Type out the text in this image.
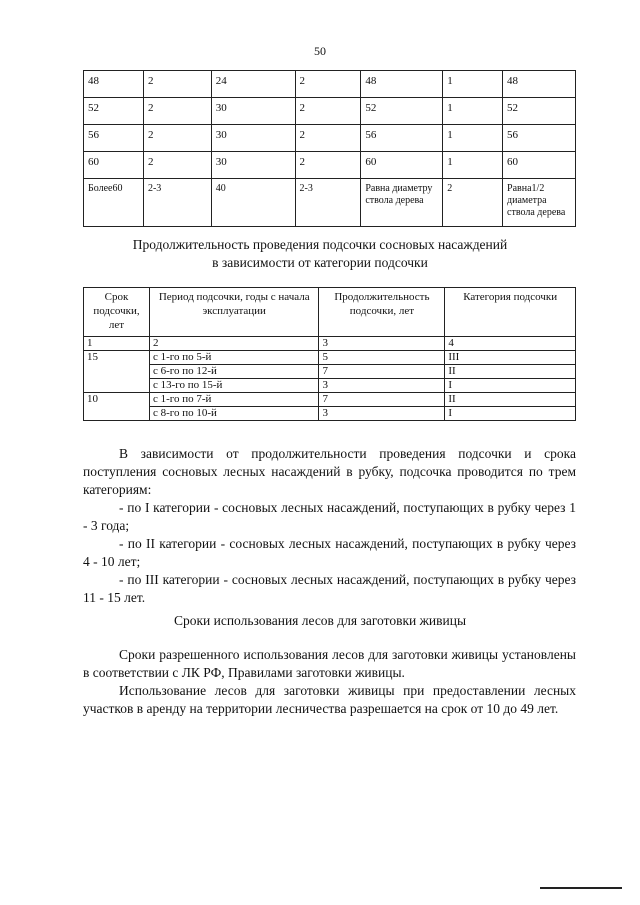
50
48	2	24	2	48	1	48
52	2	30	2	52	1	52
56	2	30	2	56	1	56
60	2	30	2	60	1	60
Более60	2-3	40	2-3	Равна диаметру ствола дерева	2	Равна1/2 диаметра ствола дерева
Продолжительность проведения подсочки сосновых насаждений
в зависимости от категории подсочки
Срок подсочки, лет	Период подсочки, годы с начала эксплуатации	Продолжительность подсочки, лет	Категория подсочки
1	2	3	4
15	с 1-го по 5-й	5	III
	с 6-го по 12-й	7	II
	с 13-го по 15-й	3	I
10	с 1-го по 7-й	7	II
	с 8-го по 10-й	3	I

В зависимости от продолжительности проведения подсочки и срока поступления сосновых лесных насаждений в рубку, подсочка проводится по трем категориям:

- по I категории - сосновых лесных насаждений, поступающих в рубку через 1 - 3 года;

- по II категории - сосновых лесных насаждений, поступающих в рубку через 4 - 10 лет;

- по III категории - сосновых лесных насаждений, поступающих в рубку через 11 - 15 лет.

Сроки использования лесов для заготовки живицы

Сроки разрешенного использования лесов для заготовки живицы установлены в соответствии с ЛК РФ, Правилами заготовки живицы.

Использование лесов для заготовки живицы при предоставлении лесных участков в аренду на территории лесничества разрешается на срок от 10 до 49 лет.
